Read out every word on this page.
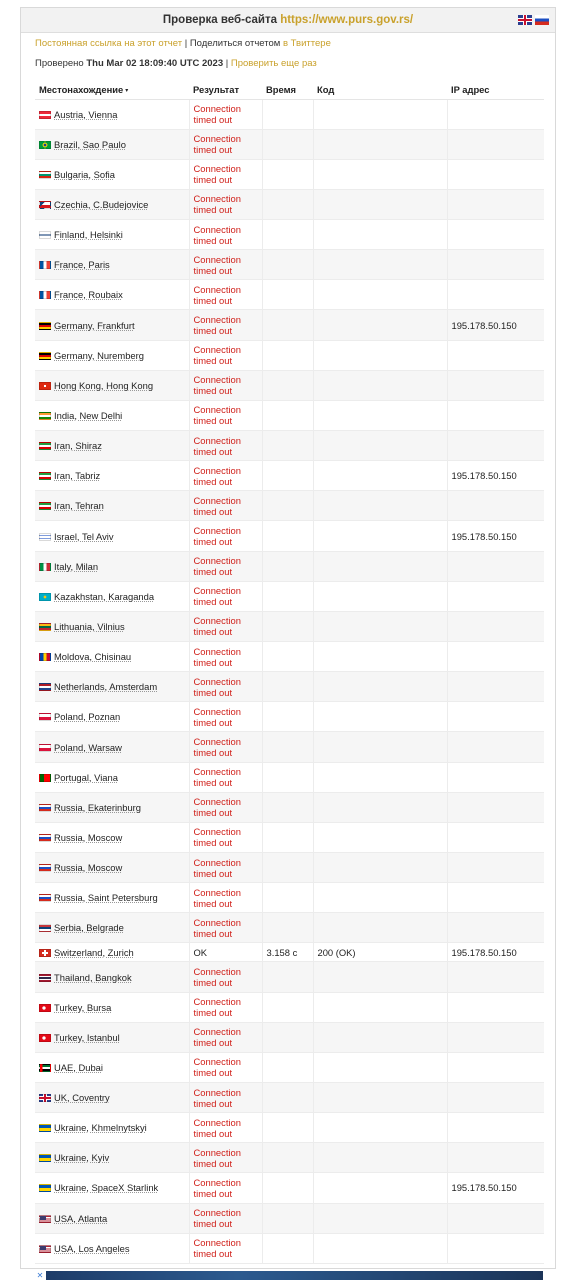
Проверка веб-сайта https://www.purs.gov.rs/
Постоянная ссылка на этот отчет | Поделиться отчетом в Твиттере
Проверено Thu Mar 02 18:09:40 UTC 2023 | Проверить еще раз
Местонахождение ▾	Результат	Время	Код	IP адрес
Austria, Vienna	Connection
timed out			

Brazil, Sao Paulo	Connection
timed out			

Bulgaria, Sofia	Connection
timed out			

Czechia, C.Budejovice	Connection
timed out			

Finland, Helsinki	Connection
timed out			

France, Paris	Connection
timed out			

France, Roubaix	Connection
timed out			

Germany, Frankfurt	Connection
timed out			195.178.50.150
Germany, Nuremberg	Connection
timed out			

Hong Kong, Hong Kong	Connection
timed out			

India, New Delhi	Connection
timed out			

Iran, Shiraz	Connection
timed out			

Iran, Tabriz	Connection
timed out			195.178.50.150
Iran, Tehran	Connection
timed out			

Israel, Tel Aviv	Connection
timed out			195.178.50.150
Italy, Milan	Connection
timed out			

Kazakhstan, Karaganda	Connection
timed out			

Lithuania, Vilnius	Connection
timed out			

Moldova, Chisinau	Connection
timed out			

Netherlands, Amsterdam	Connection
timed out			

Poland, Poznan	Connection
timed out			

Poland, Warsaw	Connection
timed out			

Portugal, Viana	Connection
timed out			

Russia, Ekaterinburg	Connection
timed out			

Russia, Moscow	Connection
timed out			

Russia, Moscow	Connection
timed out			

Russia, Saint Petersburg	Connection
timed out			

Serbia, Belgrade	Connection
timed out			

Switzerland, Zurich	OK	3.158 с	200 (OK)	195.178.50.150
Thailand, Bangkok	Connection
timed out			

Turkey, Bursa	Connection
timed out			

Turkey, Istanbul	Connection
timed out			

UAE, Dubai	Connection
timed out			

UK, Coventry	Connection
timed out			

Ukraine, Khmelnytskyi	Connection
timed out			

Ukraine, Kyiv	Connection
timed out			

Ukraine, SpaceX Starlink	Connection
timed out			195.178.50.150
USA, Atlanta	Connection
timed out			

USA, Los Angeles	Connection
timed out			

✕
